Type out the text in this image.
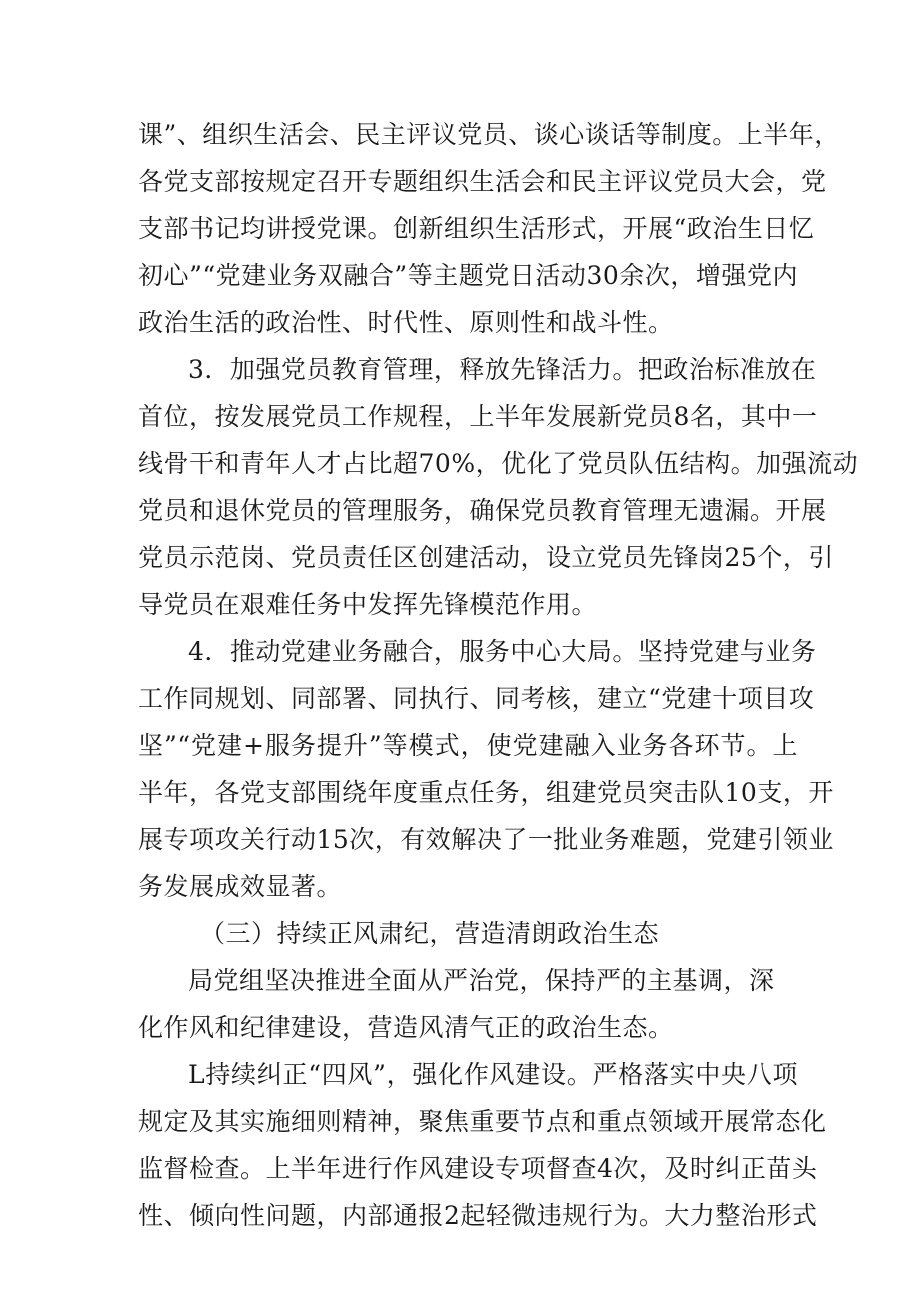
课”、组织生活会、民主评议党员、谈心谈话等制度。上半年，
各党支部按规定召开专题组织生活会和民主评议党员大会，党
支部书记均讲授党课。创新组织生活形式，开展“政治生日忆
初心”“党建业务双融合”等主题党日活动30余次，增强党内
政治生活的政治性、时代性、原则性和战斗性。
3．加强党员教育管理，释放先锋活力。把政治标准放在
首位，按发展党员工作规程，上半年发展新党员8名，其中一
线骨干和青年人才占比超70%，优化了党员队伍结构。加强流动
党员和退休党员的管理服务，确保党员教育管理无遗漏。开展
党员示范岗、党员责任区创建活动，设立党员先锋岗25个，引
导党员在艰难任务中发挥先锋模范作用。
4．推动党建业务融合，服务中心大局。坚持党建与业务
工作同规划、同部署、同执行、同考核，建立“党建十项目攻
坚”“党建+服务提升”等模式，使党建融入业务各环节。上
半年，各党支部围绕年度重点任务，组建党员突击队10支，开
展专项攻关行动15次，有效解决了一批业务难题，党建引领业
务发展成效显著。
（三）持续正风肃纪，营造清朗政治生态
局党组坚决推进全面从严治党，保持严的主基调，深
化作风和纪律建设，营造风清气正的政治生态。
L持续纠正“四风”，强化作风建设。严格落实中央八项
规定及其实施细则精神，聚焦重要节点和重点领域开展常态化
监督检查。上半年进行作风建设专项督查4次，及时纠正苗头
性、倾向性问题，内部通报2起轻微违规行为。大力整治形式
